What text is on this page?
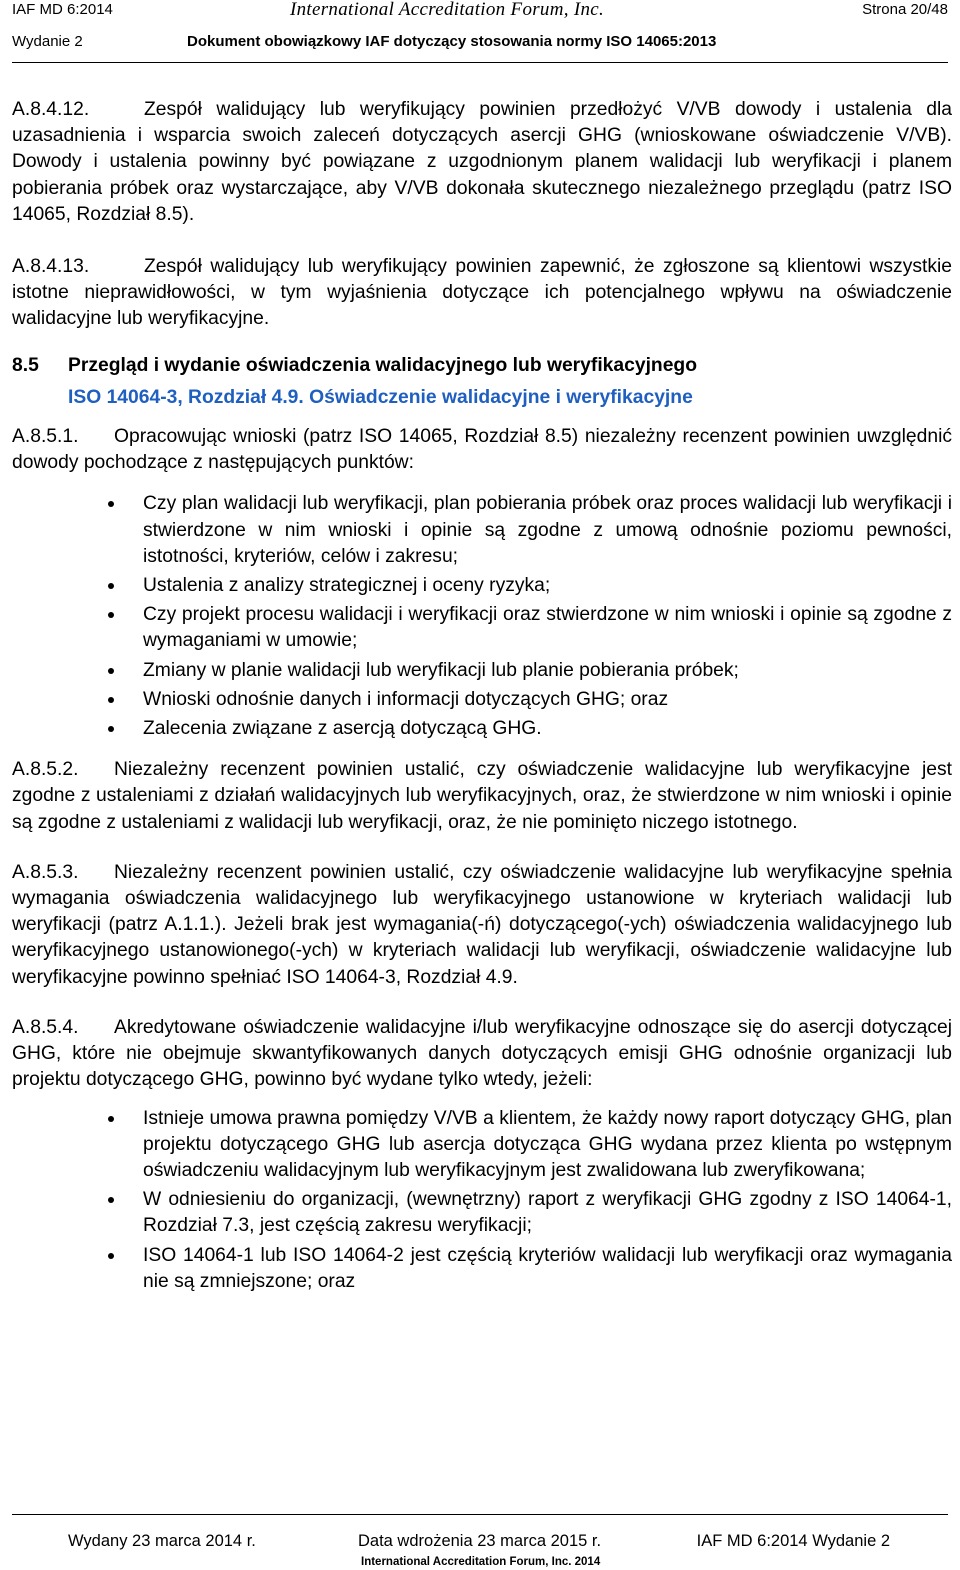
IAF MD 6:2014	International Accreditation Forum, Inc.	Strona 20/48
Wydanie 2	Dokument obowiązkowy IAF dotyczący stosowania normy ISO 14065:2013

A.8.4.12.	Zespół walidujący lub weryfikujący powinien przedłożyć V/VB dowody i ustalenia dla uzasadnienia i wsparcia swoich zaleceń dotyczących asercji GHG (wnioskowane oświadczenie V/VB). Dowody i ustalenia powinny być powiązane z uzgodnionym planem walidacji lub weryfikacji i planem pobierania próbek oraz wystarczające, aby V/VB dokonała skutecznego niezależnego przeglądu (patrz ISO 14065, Rozdział 8.5).

A.8.4.13.	Zespół walidujący lub weryfikujący powinien zapewnić, że zgłoszone są klientowi wszystkie istotne nieprawidłowości, w tym wyjaśnienia dotyczące ich potencjalnego wpływu na oświadczenie walidacyjne lub weryfikacyjne.

8.5 Przegląd i wydanie oświadczenia walidacyjnego lub weryfikacyjnego

ISO 14064-3, Rozdział 4.9. Oświadczenie walidacyjne i weryfikacyjne

A.8.5.1. Opracowując wnioski (patrz ISO 14065, Rozdział 8.5) niezależny recenzent powinien uwzględnić dowody pochodzące z następujących punktów:

Czy plan walidacji lub weryfikacji, plan pobierania próbek oraz proces walidacji lub weryfikacji i stwierdzone w nim wnioski i opinie są zgodne z umową odnośnie poziomu pewności, istotności, kryteriów, celów i zakresu;
Ustalenia z analizy strategicznej i oceny ryzyka;
Czy projekt procesu walidacji i weryfikacji oraz stwierdzone w nim wnioski i opinie są zgodne z wymaganiami w umowie;
Zmiany w planie walidacji lub weryfikacji lub planie pobierania próbek;
Wnioski odnośnie danych i informacji dotyczących GHG; oraz
Zalecenia związane z asercją dotyczącą GHG.

A.8.5.2. Niezależny recenzent powinien ustalić, czy oświadczenie walidacyjne lub weryfikacyjne jest zgodne z ustaleniami z działań walidacyjnych lub weryfikacyjnych, oraz, że stwierdzone w nim wnioski i opinie są zgodne z ustaleniami z walidacji lub weryfikacji, oraz, że nie pominięto niczego istotnego.

A.8.5.3. Niezależny recenzent powinien ustalić, czy oświadczenie walidacyjne lub weryfikacyjne spełnia wymagania oświadczenia walidacyjnego lub weryfikacyjnego ustanowione w kryteriach walidacji lub weryfikacji (patrz A.1.1.). Jeżeli brak jest wymagania(-ń) dotyczącego(-ych) oświadczenia walidacyjnego lub weryfikacyjnego ustanowionego(-ych) w kryteriach walidacji lub weryfikacji, oświadczenie walidacyjne lub weryfikacyjne powinno spełniać ISO 14064-3, Rozdział 4.9.

A.8.5.4. Akredytowane oświadczenie walidacyjne i/lub weryfikacyjne odnoszące się do asercji dotyczącej GHG, które nie obejmuje skwantyfikowanych danych dotyczących emisji GHG odnośnie organizacji lub projektu dotyczącego GHG, powinno być wydane tylko wtedy, jeżeli:

Istnieje umowa prawna pomiędzy V/VB a klientem, że każdy nowy raport dotyczący GHG, plan projektu dotyczącego GHG lub asercja dotycząca GHG wydana przez klienta po wstępnym oświadczeniu walidacyjnym lub weryfikacyjnym jest zwalidowana lub zweryfikowana;
W odniesieniu do organizacji, (wewnętrzny) raport z weryfikacji GHG zgodny z ISO 14064-1, Rozdział 7.3, jest częścią zakresu weryfikacji;
ISO 14064-1 lub ISO 14064-2 jest częścią kryteriów walidacji lub weryfikacji oraz wymagania nie są zmniejszone; oraz
Wydany 23 marca 2014 r.	Data wdrożenia 23 marca 2015 r.	IAF MD 6:2014 Wydanie 2
International Accreditation Forum, Inc. 2014
